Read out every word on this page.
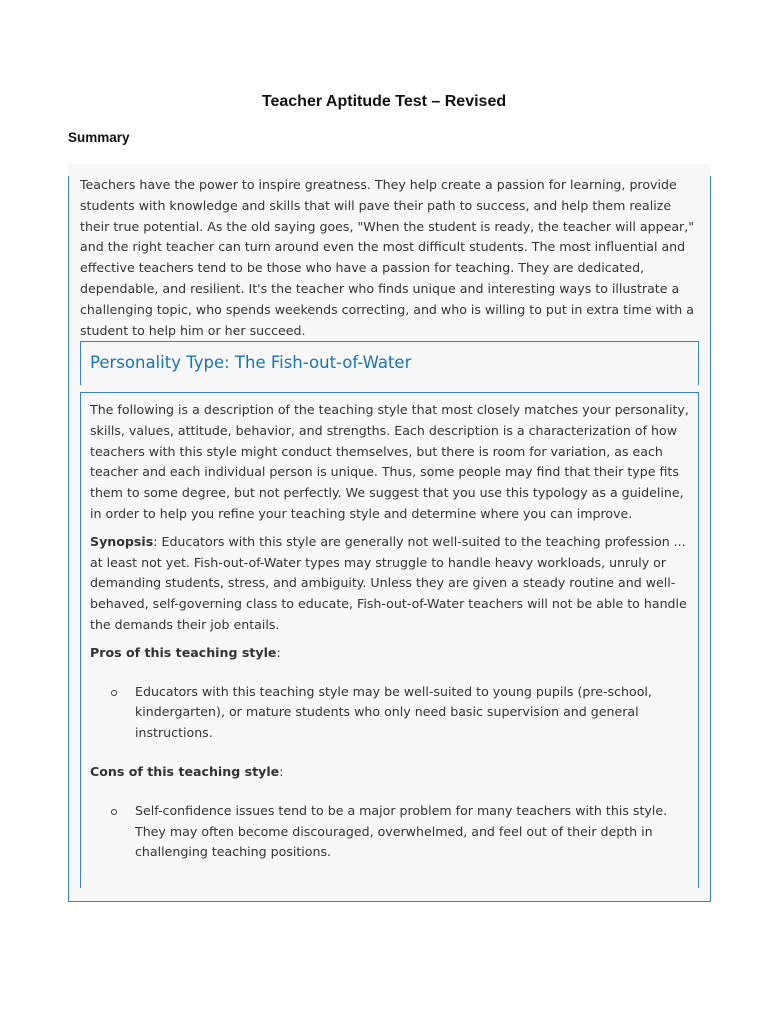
Teacher Aptitude Test – Revised
Summary

Teachers have the power to inspire greatness. They help create a passion for learning, provide students with knowledge and skills that will pave their path to success, and help them realize their true potential. As the old saying goes, "When the student is ready, the teacher will appear," and the right teacher can turn around even the most difficult students. The most influential and effective teachers tend to be those who have a passion for teaching. They are dedicated, dependable, and resilient. It's the teacher who finds unique and interesting ways to illustrate a challenging topic, who spends weekends correcting, and who is willing to put in extra time with a student to help him or her succeed.

Personality Type: The Fish-out-of-Water

The following is a description of the teaching style that most closely matches your personality, skills, values, attitude, behavior, and strengths. Each description is a characterization of how teachers with this style might conduct themselves, but there is room for variation, as each teacher and each individual person is unique. Thus, some people may find that their type fits them to some degree, but not perfectly. We suggest that you use this typology as a guideline, in order to help you refine your teaching style and determine where you can improve.

Synopsis: Educators with this style are generally not well-suited to the teaching profession ... at least not yet. Fish-out-of-Water types may struggle to handle heavy workloads, unruly or demanding students, stress, and ambiguity. Unless they are given a steady routine and well-behaved, self-governing class to educate, Fish-out-of-Water teachers will not be able to handle the demands their job entails.

Pros of this teaching style:

Educators with this teaching style may be well-suited to young pupils (pre-school, kindergarten), or mature students who only need basic supervision and general instructions.

Cons of this teaching style:

Self-confidence issues tend to be a major problem for many teachers with this style. They may often become discouraged, overwhelmed, and feel out of their depth in challenging teaching positions.
